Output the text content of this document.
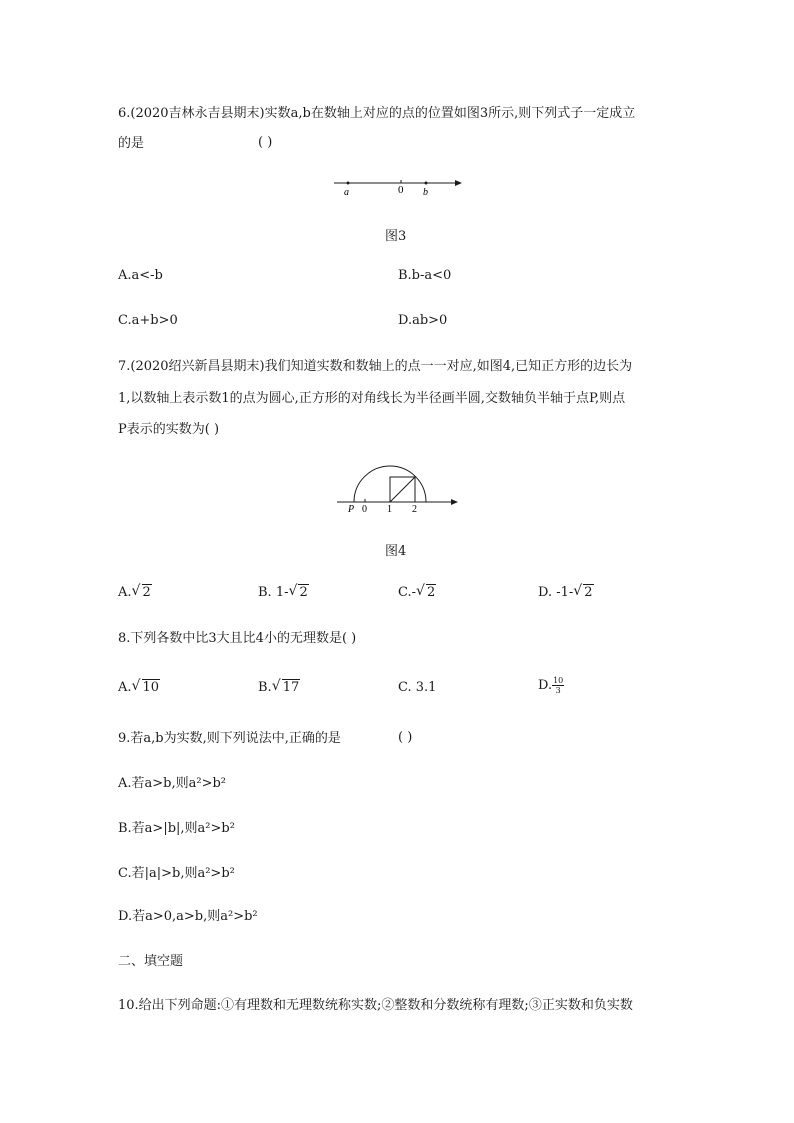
6.(2020吉林永吉县期末)实数a,b在数轴上对应的点的位置如图3所示,则下列式子一定成立
的是	( )
a	0 b
图3
A.a<-b	B.b-a<0
C.a+b>0	D.ab>0
7.(2020绍兴新昌县期末)我们知道实数和数轴上的点一一对应,如图4,已知正方形的边长为
1,以数轴上表示数1的点为圆心,正方形的对角线长为半径画半圆,交数轴负半轴于点P,则点
P表示的实数为( )
P 0 1 2
图4
A. √ 2	B. 1- √ 2	C.- √ 2	D. -1- √ 2
8.下列各数中比3大且比4小的无理数是( )
A. √ 10	B. √ 17	C. 3.1	D. $\frac{10}{3}$
9.若a,b为实数,则下列说法中,正确的是	( )
A.若a>b,则a²>b²
B.若a>|b|,则a²>b²
C.若|a|>b,则a²>b²
D.若a>0,a>b,则a²>b²
二、填空题
10.给出下列命题:①有理数和无理数统称实数;②整数和分数统称有理数;③正实数和负实数
